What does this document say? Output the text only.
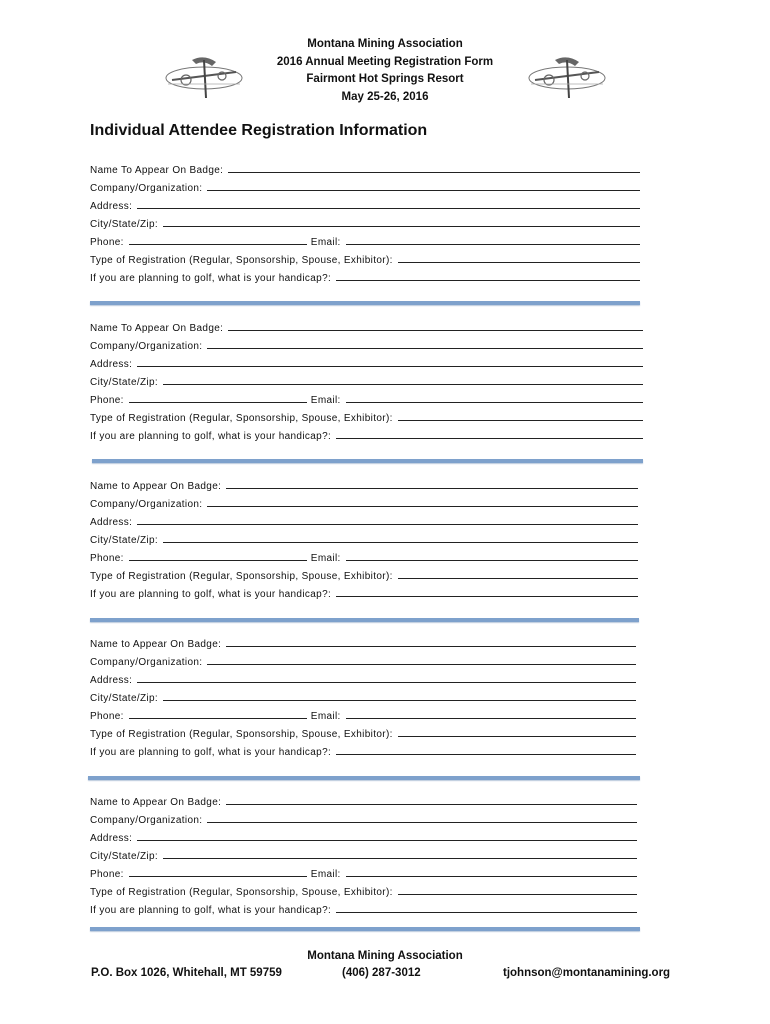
Montana Mining Association
2016 Annual Meeting Registration Form
Fairmont Hot Springs Resort
May 25-26, 2016
Individual Attendee Registration Information
Name To Appear On Badge:
Company/Organization:
Address:
City/State/Zip:
Phone:	Email:
Type of Registration (Regular, Sponsorship, Spouse, Exhibitor):
If you are planning to golf, what is your handicap?:
Name To Appear On Badge:
Company/Organization:
Address:
City/State/Zip:
Phone:	Email:
Type of Registration (Regular, Sponsorship, Spouse, Exhibitor):
If you are planning to golf, what is your handicap?:
Name to Appear On Badge:
Company/Organization:
Address:
City/State/Zip:
Phone:	Email:
Type of Registration (Regular, Sponsorship, Spouse, Exhibitor):
If you are planning to golf, what is your handicap?:
Name to Appear On Badge:
Company/Organization:
Address:
City/State/Zip:
Phone:	Email:
Type of Registration (Regular, Sponsorship, Spouse, Exhibitor):
If you are planning to golf, what is your handicap?:
Name to Appear On Badge:
Company/Organization:
Address:
City/State/Zip:
Phone:	Email:
Type of Registration (Regular, Sponsorship, Spouse, Exhibitor):
If you are planning to golf, what is your handicap?:
Montana Mining Association
P.O. Box 1026, Whitehall, MT 59759	(406) 287-3012	tjohnson@montanamining.org
